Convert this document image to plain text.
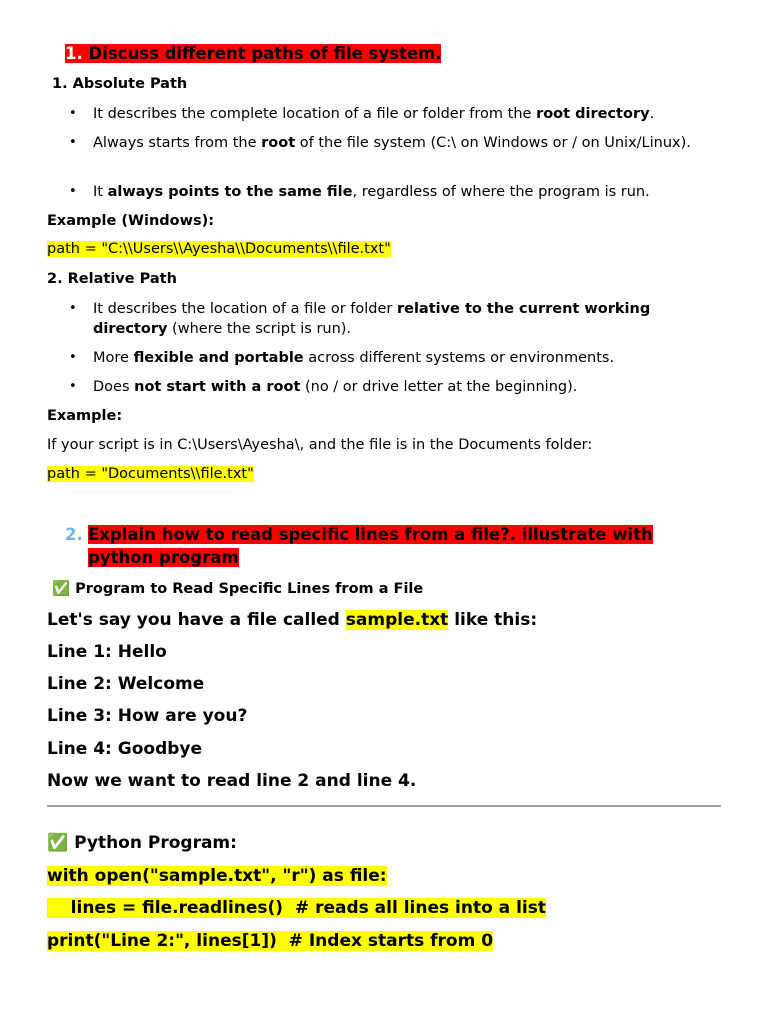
1. Discuss different paths of file system.
1. Absolute Path
• It describes the complete location of a file or folder from the root directory.
• Always starts from the root of the file system (C:\ on Windows or / on Unix/Linux).
• It always points to the same file, regardless of where the program is run.
Example (Windows):
path = "C:\\Users\\Ayesha\\Documents\\file.txt"
2. Relative Path
• It describes the location of a file or folder relative to the current working directory (where the script is run).
• More flexible and portable across different systems or environments.
• Does not start with a root (no / or drive letter at the beginning).
Example:
If your script is in C:\Users\Ayesha\, and the file is in the Documents folder:
path = "Documents\\file.txt"
2. Explain how to read specific lines from a file?. illustrate with
python program
✅ Program to Read Specific Lines from a File
Let's say you have a file called sample.txt like this:
Line 1: Hello
Line 2: Welcome
Line 3: How are you?
Line 4: Goodbye
Now we want to read line 2 and line 4.
✅ Python Program:
with open("sample.txt", "r") as file:
lines = file.readlines()  # reads all lines into a list
print("Line 2:", lines[1])  # Index starts from 0
